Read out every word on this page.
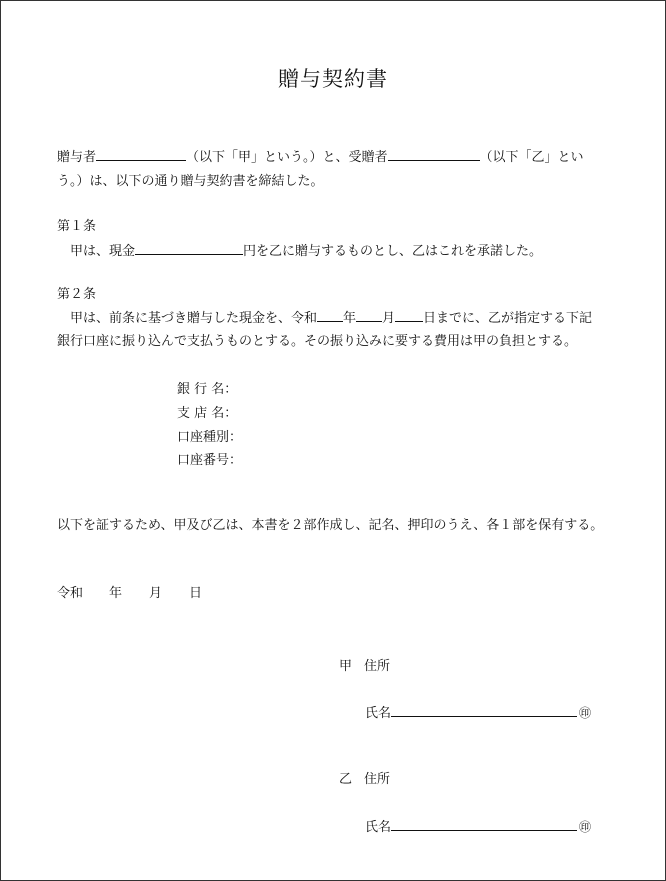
贈与契約書
贈与者	（以下「甲」という。）と、受贈者	（以下「乙」とい
う。）は、以下の通り贈与契約書を締結した。
第１条
甲は、現金	円を乙に贈与するものとし、乙はこれを承諾した。
第２条
甲は、前条に基づき贈与した現金を、令和 年 月 日までに、乙が指定する下記
銀行口座に振り込んで支払うものとする。その振り込みに要する費用は甲の負担とする。
銀 行 名：
支 店 名：
口座種別：
口座番号：
以下を証するため、甲及び乙は、本書を２部作成し、記名、押印のうえ、各１部を保有する。
令和 年 月 日
甲 住所
氏名	㊞
乙 住所
氏名	㊞
